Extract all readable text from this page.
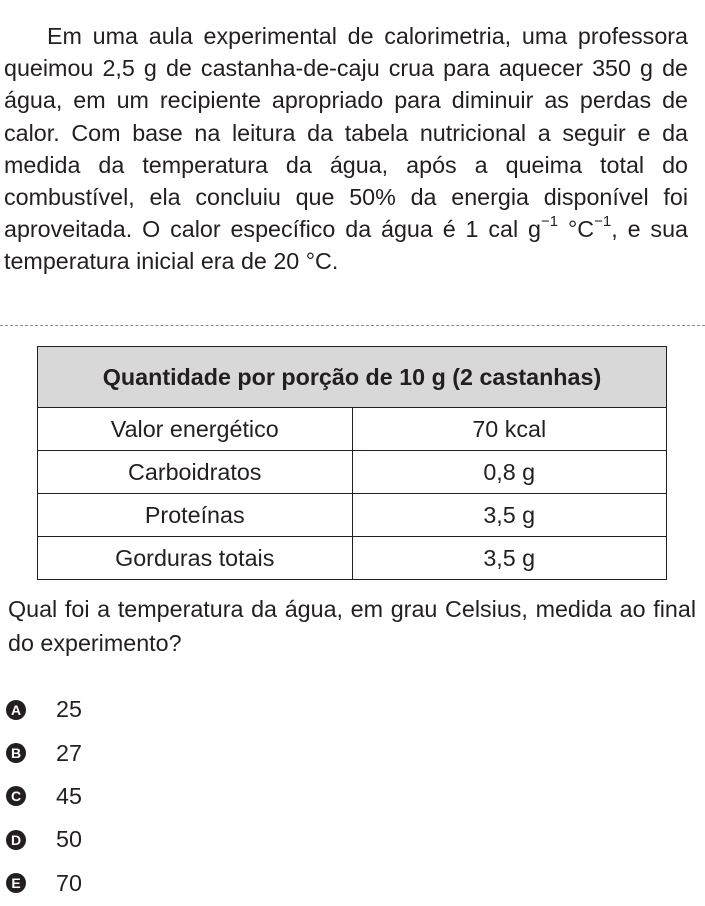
Em uma aula experimental de calorimetria, uma professora queimou 2,5 g de castanha-de-caju crua para aquecer 350 g de água, em um recipiente apropriado para diminuir as perdas de calor. Com base na leitura da tabela nutricional a seguir e da medida da temperatura da água, após a queima total do combustível, ela concluiu que 50% da energia disponível foi aproveitada. O calor específico da água é 1 cal $g^{-1}$ $^\circ C^{-1}$, e sua temperatura inicial era de 20 °C.

Quantidade por porção de 10 g (2 castanhas)	
Valor energético	70 kcal
Carboidratos	0,8 g
Proteínas	3,5 g
Gorduras totais	3,5 g

Qual foi a temperatura da água, em grau Celsius, medida ao final do experimento?

A 25
B 27
C 45
D 50
E 70
